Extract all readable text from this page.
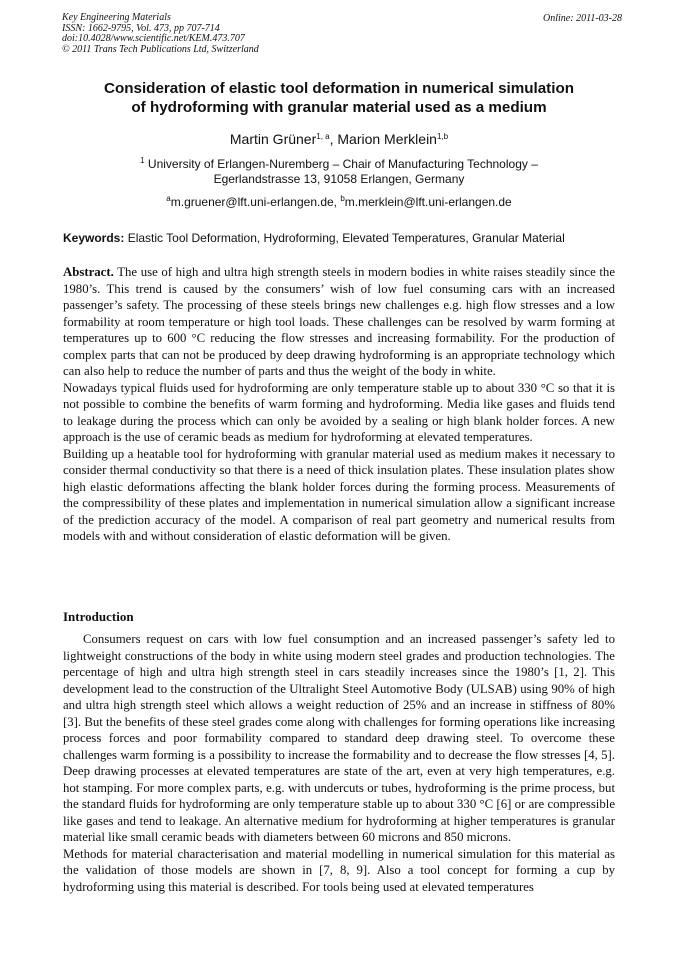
Key Engineering Materials
ISSN: 1662-9795, Vol. 473, pp 707-714
doi:10.4028/www.scientific.net/KEM.473.707
© 2011 Trans Tech Publications Ltd, Switzerland
Online: 2011-03-28
Consideration of elastic tool deformation in numerical simulation
of hydroforming with granular material used as a medium
Martin Grüner$^{1, a}$, Marion Merklein$^{1,b}$
$^1$ University of Erlangen-Nuremberg – Chair of Manufacturing Technology –
Egerlandstrasse 13, 91058 Erlangen, Germany
$^a$m.gruener@lft.uni-erlangen.de, $^b$m.merklein@lft.uni-erlangen.de
Keywords: Elastic Tool Deformation, Hydroforming, Elevated Temperatures, Granular Material

Abstract. The use of high and ultra high strength steels in modern bodies in white raises steadily since the 1980’s. This trend is caused by the consumers’ wish of low fuel consuming cars with an increased passenger’s safety. The processing of these steels brings new challenges e.g. high flow stresses and a low formability at room temperature or high tool loads. These challenges can be resolved by warm forming at temperatures up to 600 °C reducing the flow stresses and increasing formability. For the production of complex parts that can not be produced by deep drawing hydroforming is an appropriate technology which can also help to reduce the number of parts and thus the weight of the body in white.

Nowadays typical fluids used for hydroforming are only temperature stable up to about 330 °C so that it is not possible to combine the benefits of warm forming and hydroforming. Media like gases and fluids tend to leakage during the process which can only be avoided by a sealing or high blank holder forces. A new approach is the use of ceramic beads as medium for hydroforming at elevated temperatures.

Building up a heatable tool for hydroforming with granular material used as medium makes it necessary to consider thermal conductivity so that there is a need of thick insulation plates. These insulation plates show high elastic deformations affecting the blank holder forces during the forming process. Measurements of the compressibility of these plates and implementation in numerical simulation allow a significant increase of the prediction accuracy of the model. A comparison of real part geometry and numerical results from models with and without consideration of elastic deformation will be given.

Introduction

Consumers request on cars with low fuel consumption and an increased passenger’s safety led to lightweight constructions of the body in white using modern steel grades and production technologies. The percentage of high and ultra high strength steel in cars steadily increases since the 1980’s [1, 2]. This development lead to the construction of the Ultralight Steel Automotive Body (ULSAB) using 90% of high and ultra high strength steel which allows a weight reduction of 25% and an increase in stiffness of 80% [3]. But the benefits of these steel grades come along with challenges for forming operations like increasing process forces and poor formability compared to standard deep drawing steel. To overcome these challenges warm forming is a possibility to increase the formability and to decrease the flow stresses [4, 5]. Deep drawing processes at elevated temperatures are state of the art, even at very high temperatures, e.g. hot stamping. For more complex parts, e.g. with undercuts or tubes, hydroforming is the prime process, but the standard fluids for hydroforming are only temperature stable up to about 330 °C [6] or are compressible like gases and tend to leakage. An alternative medium for hydroforming at higher temperatures is granular material like small ceramic beads with diameters between 60 microns and 850 microns.

Methods for material characterisation and material modelling in numerical simulation for this material as the validation of those models are shown in [7, 8, 9]. Also a tool concept for forming a cup by hydroforming using this material is described. For tools being used at elevated temperatures
